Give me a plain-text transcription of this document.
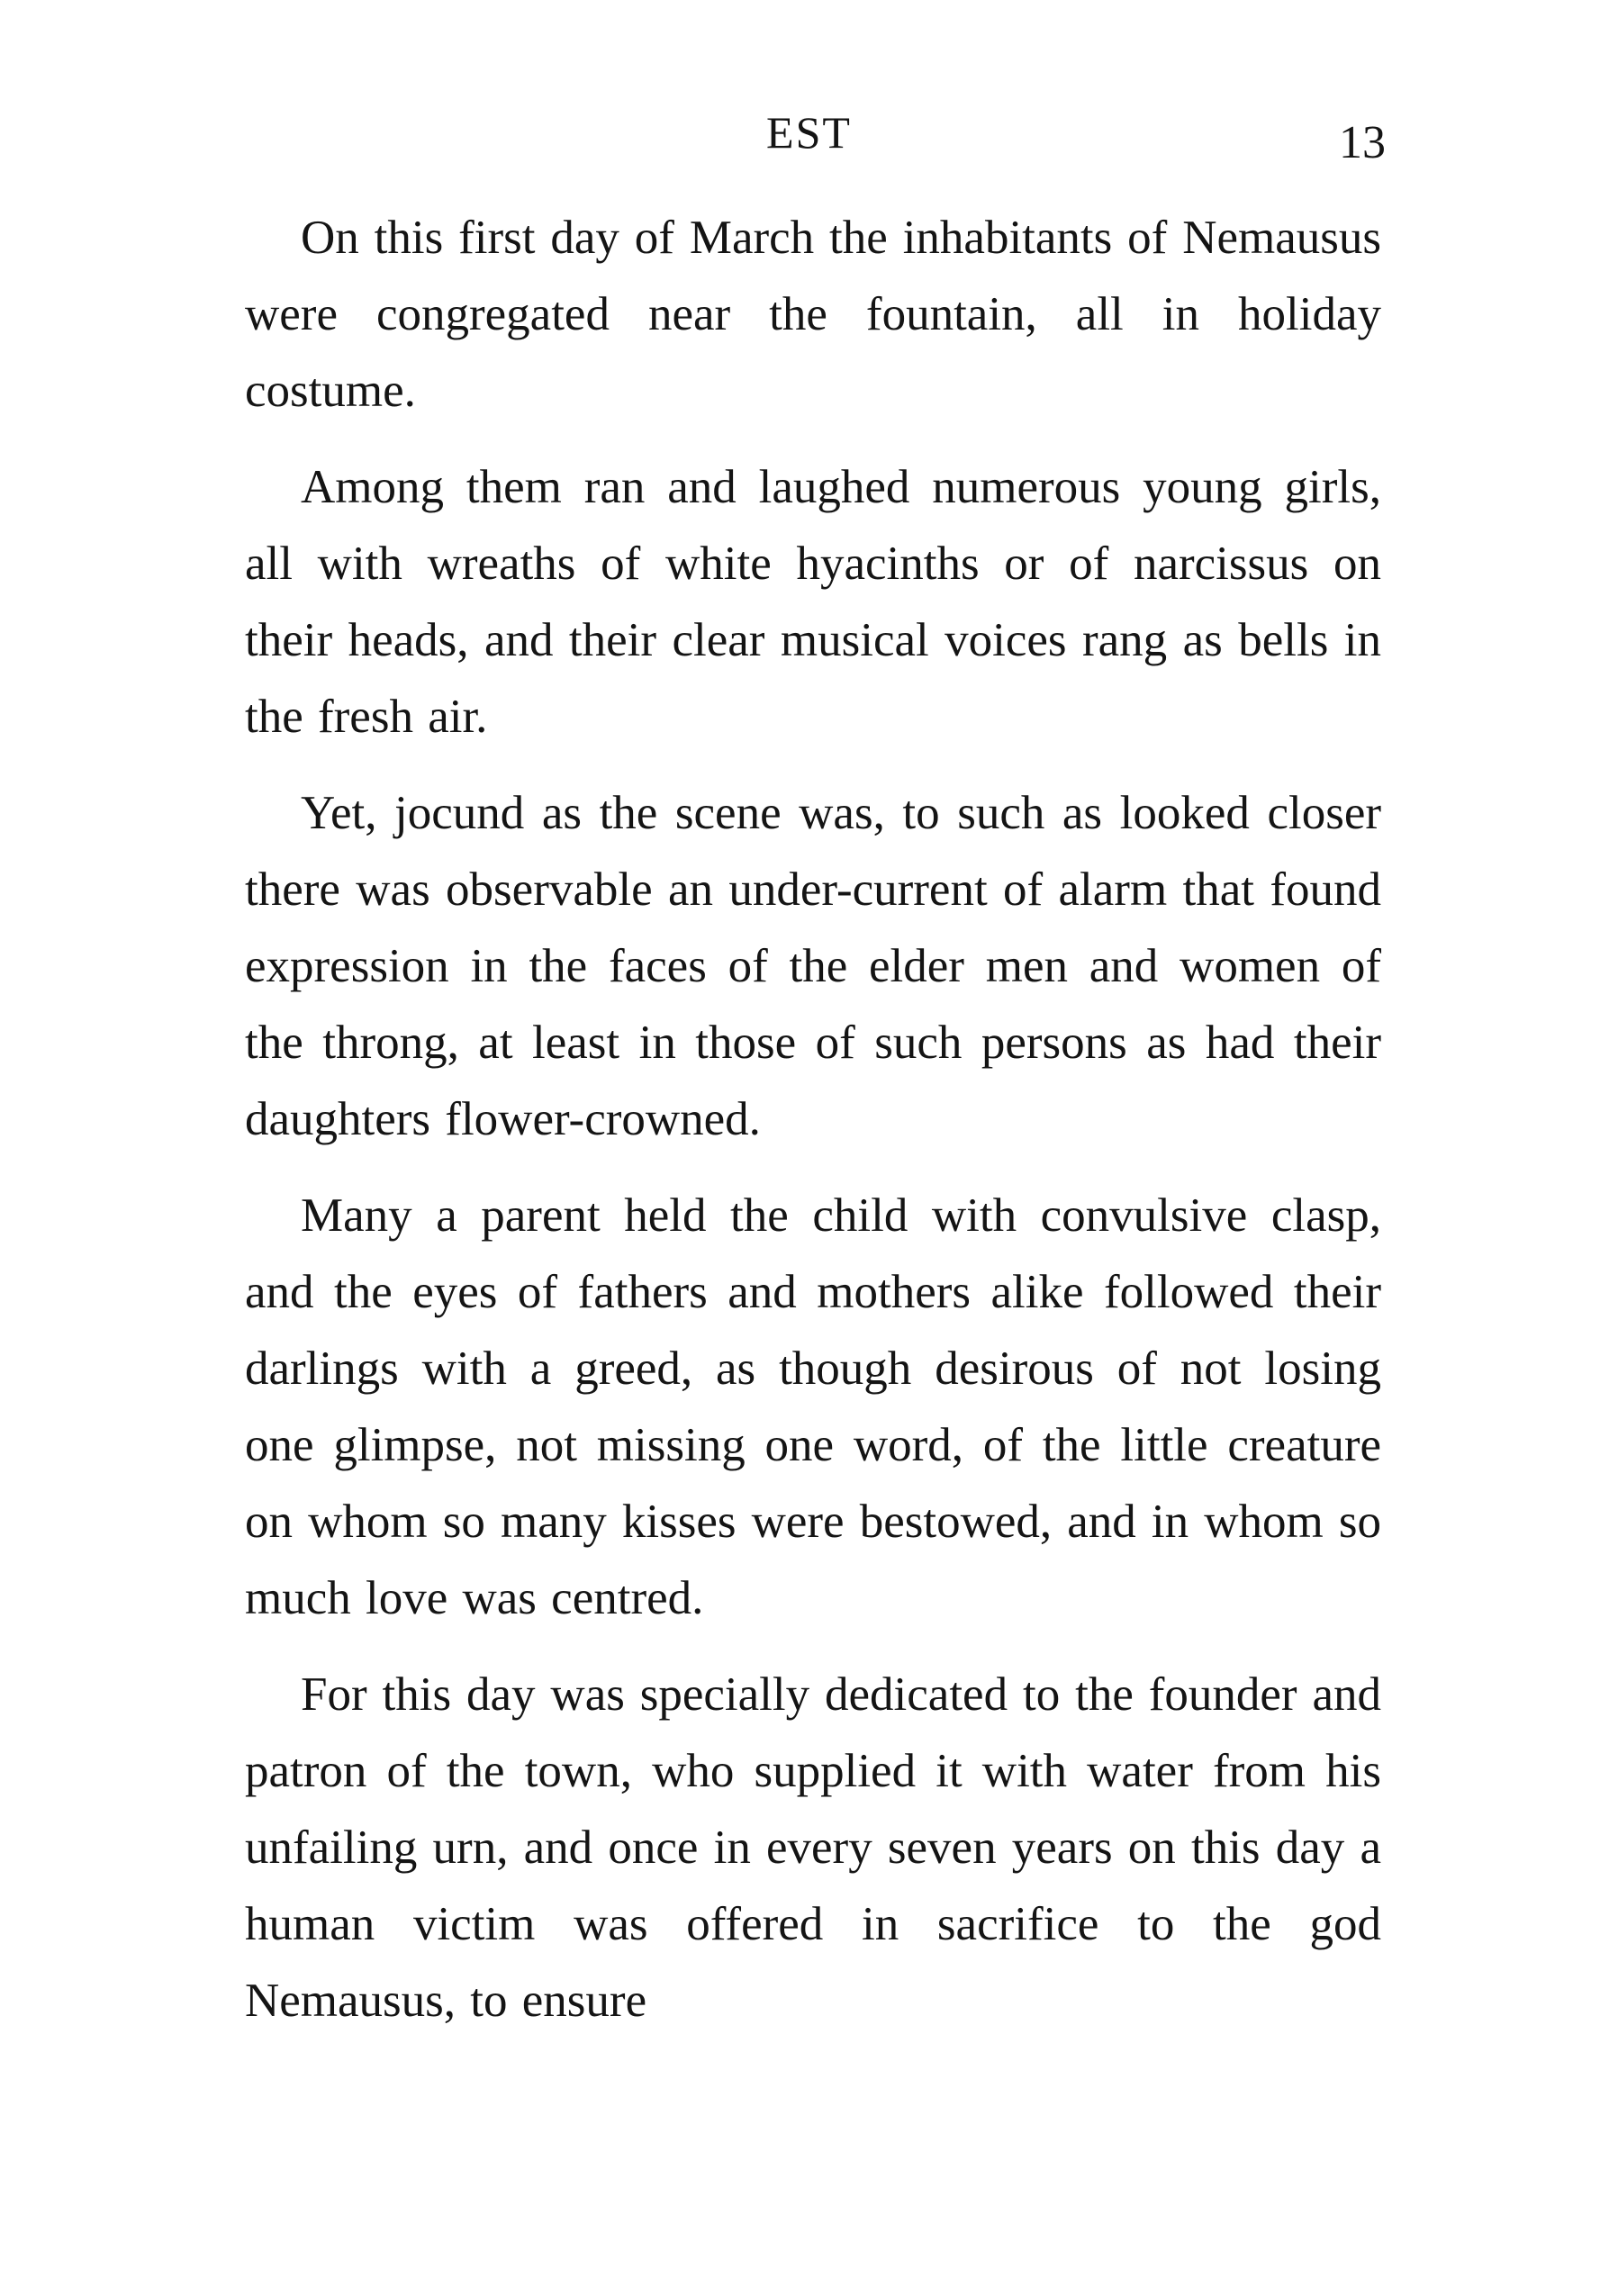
EST	13

On this first day of March the inhabitants of Nemausus were congregated near the fountain, all in holiday costume.

Among them ran and laughed numerous young girls, all with wreaths of white hyacinths or of narcissus on their heads, and their clear musical voices rang as bells in the fresh air.

Yet, jocund as the scene was, to such as looked closer there was observable an under-current of alarm that found expression in the faces of the elder men and women of the throng, at least in those of such persons as had their daughters flower-crowned.

Many a parent held the child with convulsive clasp, and the eyes of fathers and mothers alike followed their darlings with a greed, as though desirous of not losing one glimpse, not missing one word, of the little creature on whom so many kisses were bestowed, and in whom so much love was centred.

For this day was specially dedicated to the founder and patron of the town, who supplied it with water from his unfailing urn, and once in every seven years on this day a human victim was offered in sacrifice to the god Nemausus, to ensure
